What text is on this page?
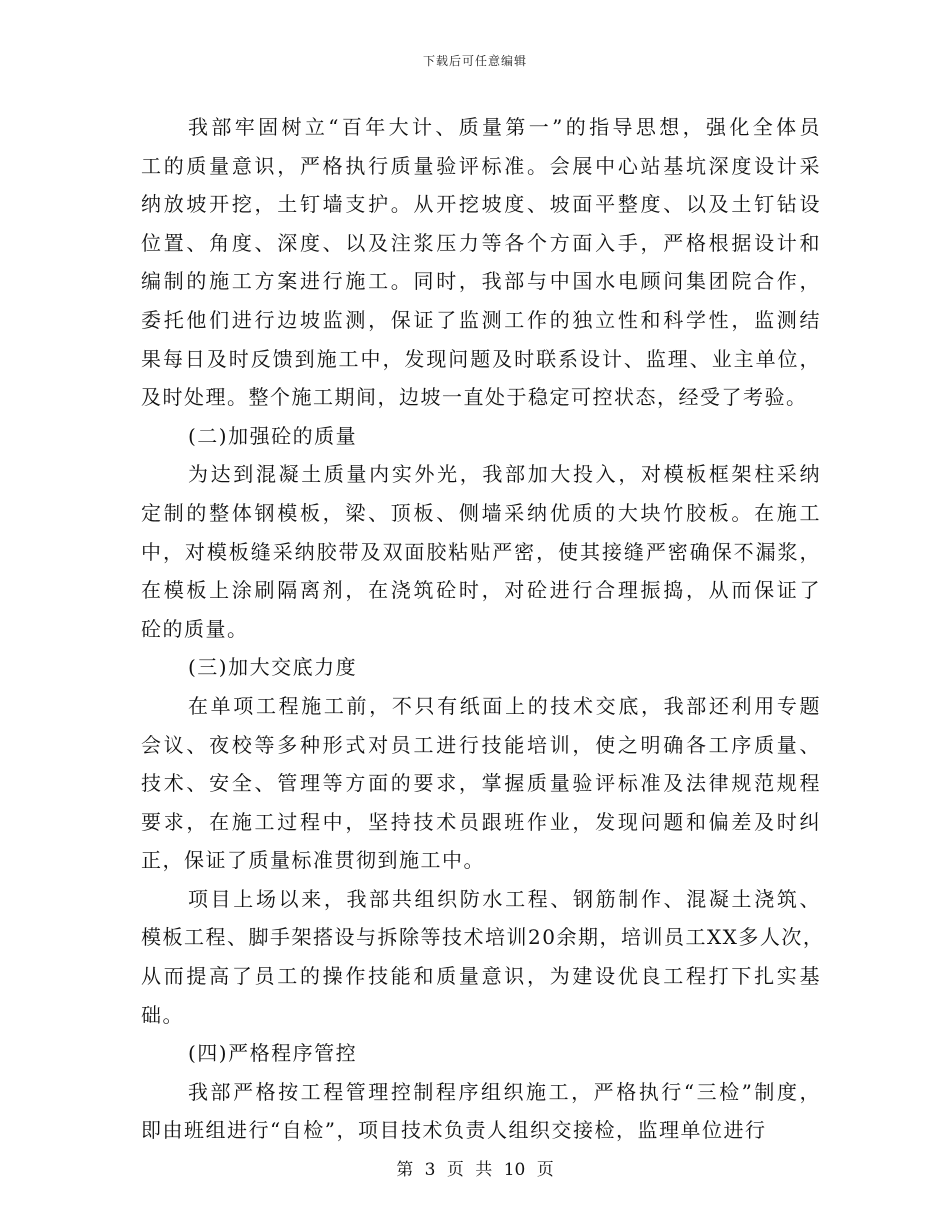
下载后可任意编辑
我部牢固树立“百年大计、质量第一”的指导思想，强化全体员
工的质量意识，严格执行质量验评标准。会展中心站基坑深度设计采
纳放坡开挖，土钉墙支护。从开挖坡度、坡面平整度、以及土钉钻设
位置、角度、深度、以及注浆压力等各个方面入手，严格根据设计和
编制的施工方案进行施工。同时，我部与中国水电顾问集团院合作，
委托他们进行边坡监测，保证了监测工作的独立性和科学性，监测结
果每日及时反馈到施工中，发现问题及时联系设计、监理、业主单位，
及时处理。整个施工期间，边坡一直处于稳定可控状态，经受了考验。
(二)加强砼的质量
为达到混凝土质量内实外光，我部加大投入，对模板框架柱采纳
定制的整体钢模板，梁、顶板、侧墙采纳优质的大块竹胶板。在施工
中，对模板缝采纳胶带及双面胶粘贴严密，使其接缝严密确保不漏浆，
在模板上涂刷隔离剂，在浇筑砼时，对砼进行合理振捣，从而保证了
砼的质量。
(三)加大交底力度
在单项工程施工前，不只有纸面上的技术交底，我部还利用专题
会议、夜校等多种形式对员工进行技能培训，使之明确各工序质量、
技术、安全、管理等方面的要求，掌握质量验评标准及法律规范规程
要求，在施工过程中，坚持技术员跟班作业，发现问题和偏差及时纠
正，保证了质量标准贯彻到施工中。
项目上场以来，我部共组织防水工程、钢筋制作、混凝土浇筑、
模板工程、脚手架搭设与拆除等技术培训20余期，培训员工XX多人次，
从而提高了员工的操作技能和质量意识，为建设优良工程打下扎实基
础。
(四)严格程序管控
我部严格按工程管理控制程序组织施工，严格执行“三检”制度，
即由班组进行“自检”，项目技术负责人组织交接检，监理单位进行
第 3 页 共 10 页
